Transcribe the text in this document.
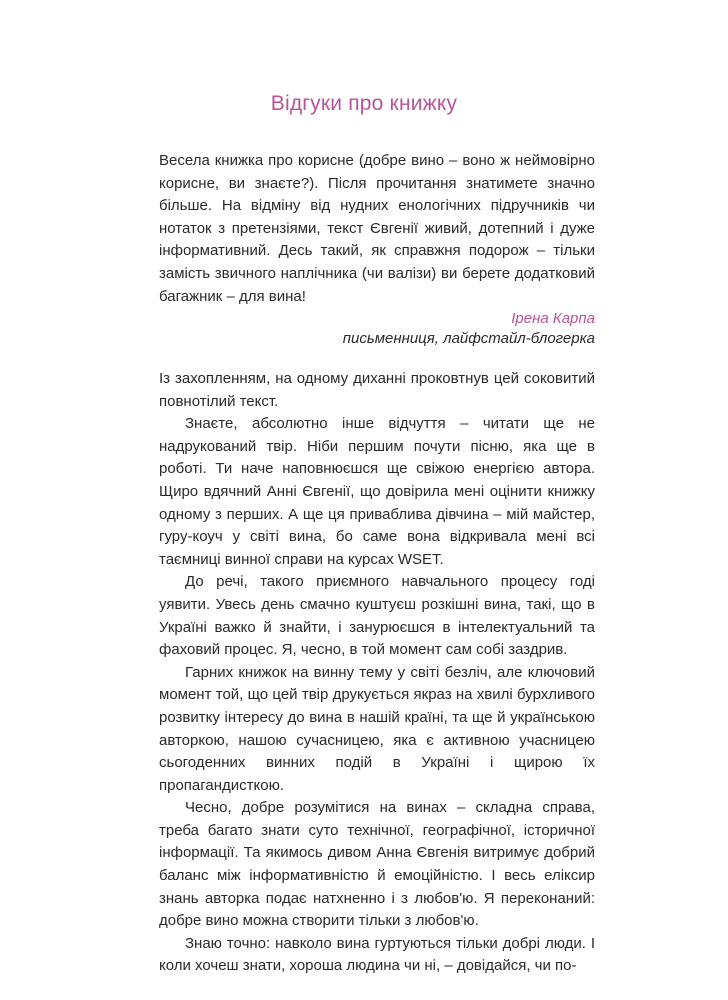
Відгуки про книжку

Весела книжка про корисне (добре вино – воно ж неймовірно корисне, ви знаєте?). Після прочитання знатимете значно більше. На відміну від нудних енологічних підручників чи нотаток з претензіями, текст Євгенії живий, дотепний і дуже інформативний. Десь такий, як справжня подорож – тільки замість звичного наплічника (чи валізи) ви берете додатковий багажник – для вина!

Ірена Карпа
письменниця, лайфстайл-блогерка

Із захопленням, на одному диханні проковтнув цей соковитий повнотілий текст.

Знаєте, абсолютно інше відчуття – читати ще не надрукований твір. Ніби першим почути пісню, яка ще в роботі. Ти наче наповнюєшся ще свіжою енергією автора. Щиро вдячний Анні Євгенії, що довірила мені оцінити книжку одному з перших. А ще ця приваблива дівчина – мій майстер, гуру-коуч у світі вина, бо саме вона відкривала мені всі таємниці винної справи на курсах WSET.

До речі, такого приємного навчального процесу годі уявити. Увесь день смачно куштуєш розкішні вина, такі, що в Україні важко й знайти, і занурюєшся в інтелектуальний та фаховий процес. Я, чесно, в той момент сам собі заздрив.

Гарних книжок на винну тему у світі безліч, але ключовий момент той, що цей твір друкується якраз на хвилі бурхливого розвитку інтересу до вина в нашій країні, та ще й українською авторкою, нашою сучасницею, яка є активною учасницею сьогоденних винних подій в Україні і щирою їх пропагандисткою.

Чесно, добре розумітися на винах – складна справа, треба багато знати суто технічної, географічної, історичної інформації. Та якимось дивом Анна Євгенія витримує добрий баланс між інформативністю й емоційністю. І весь еліксир знань авторка подає натхненно і з любов'ю. Я переконаний: добре вино можна створити тільки з любов'ю.

Знаю точно: навколо вина гуртуються тільки добрі люди. І коли хочеш знати, хороша людина чи ні, – довідайся, чи по-
